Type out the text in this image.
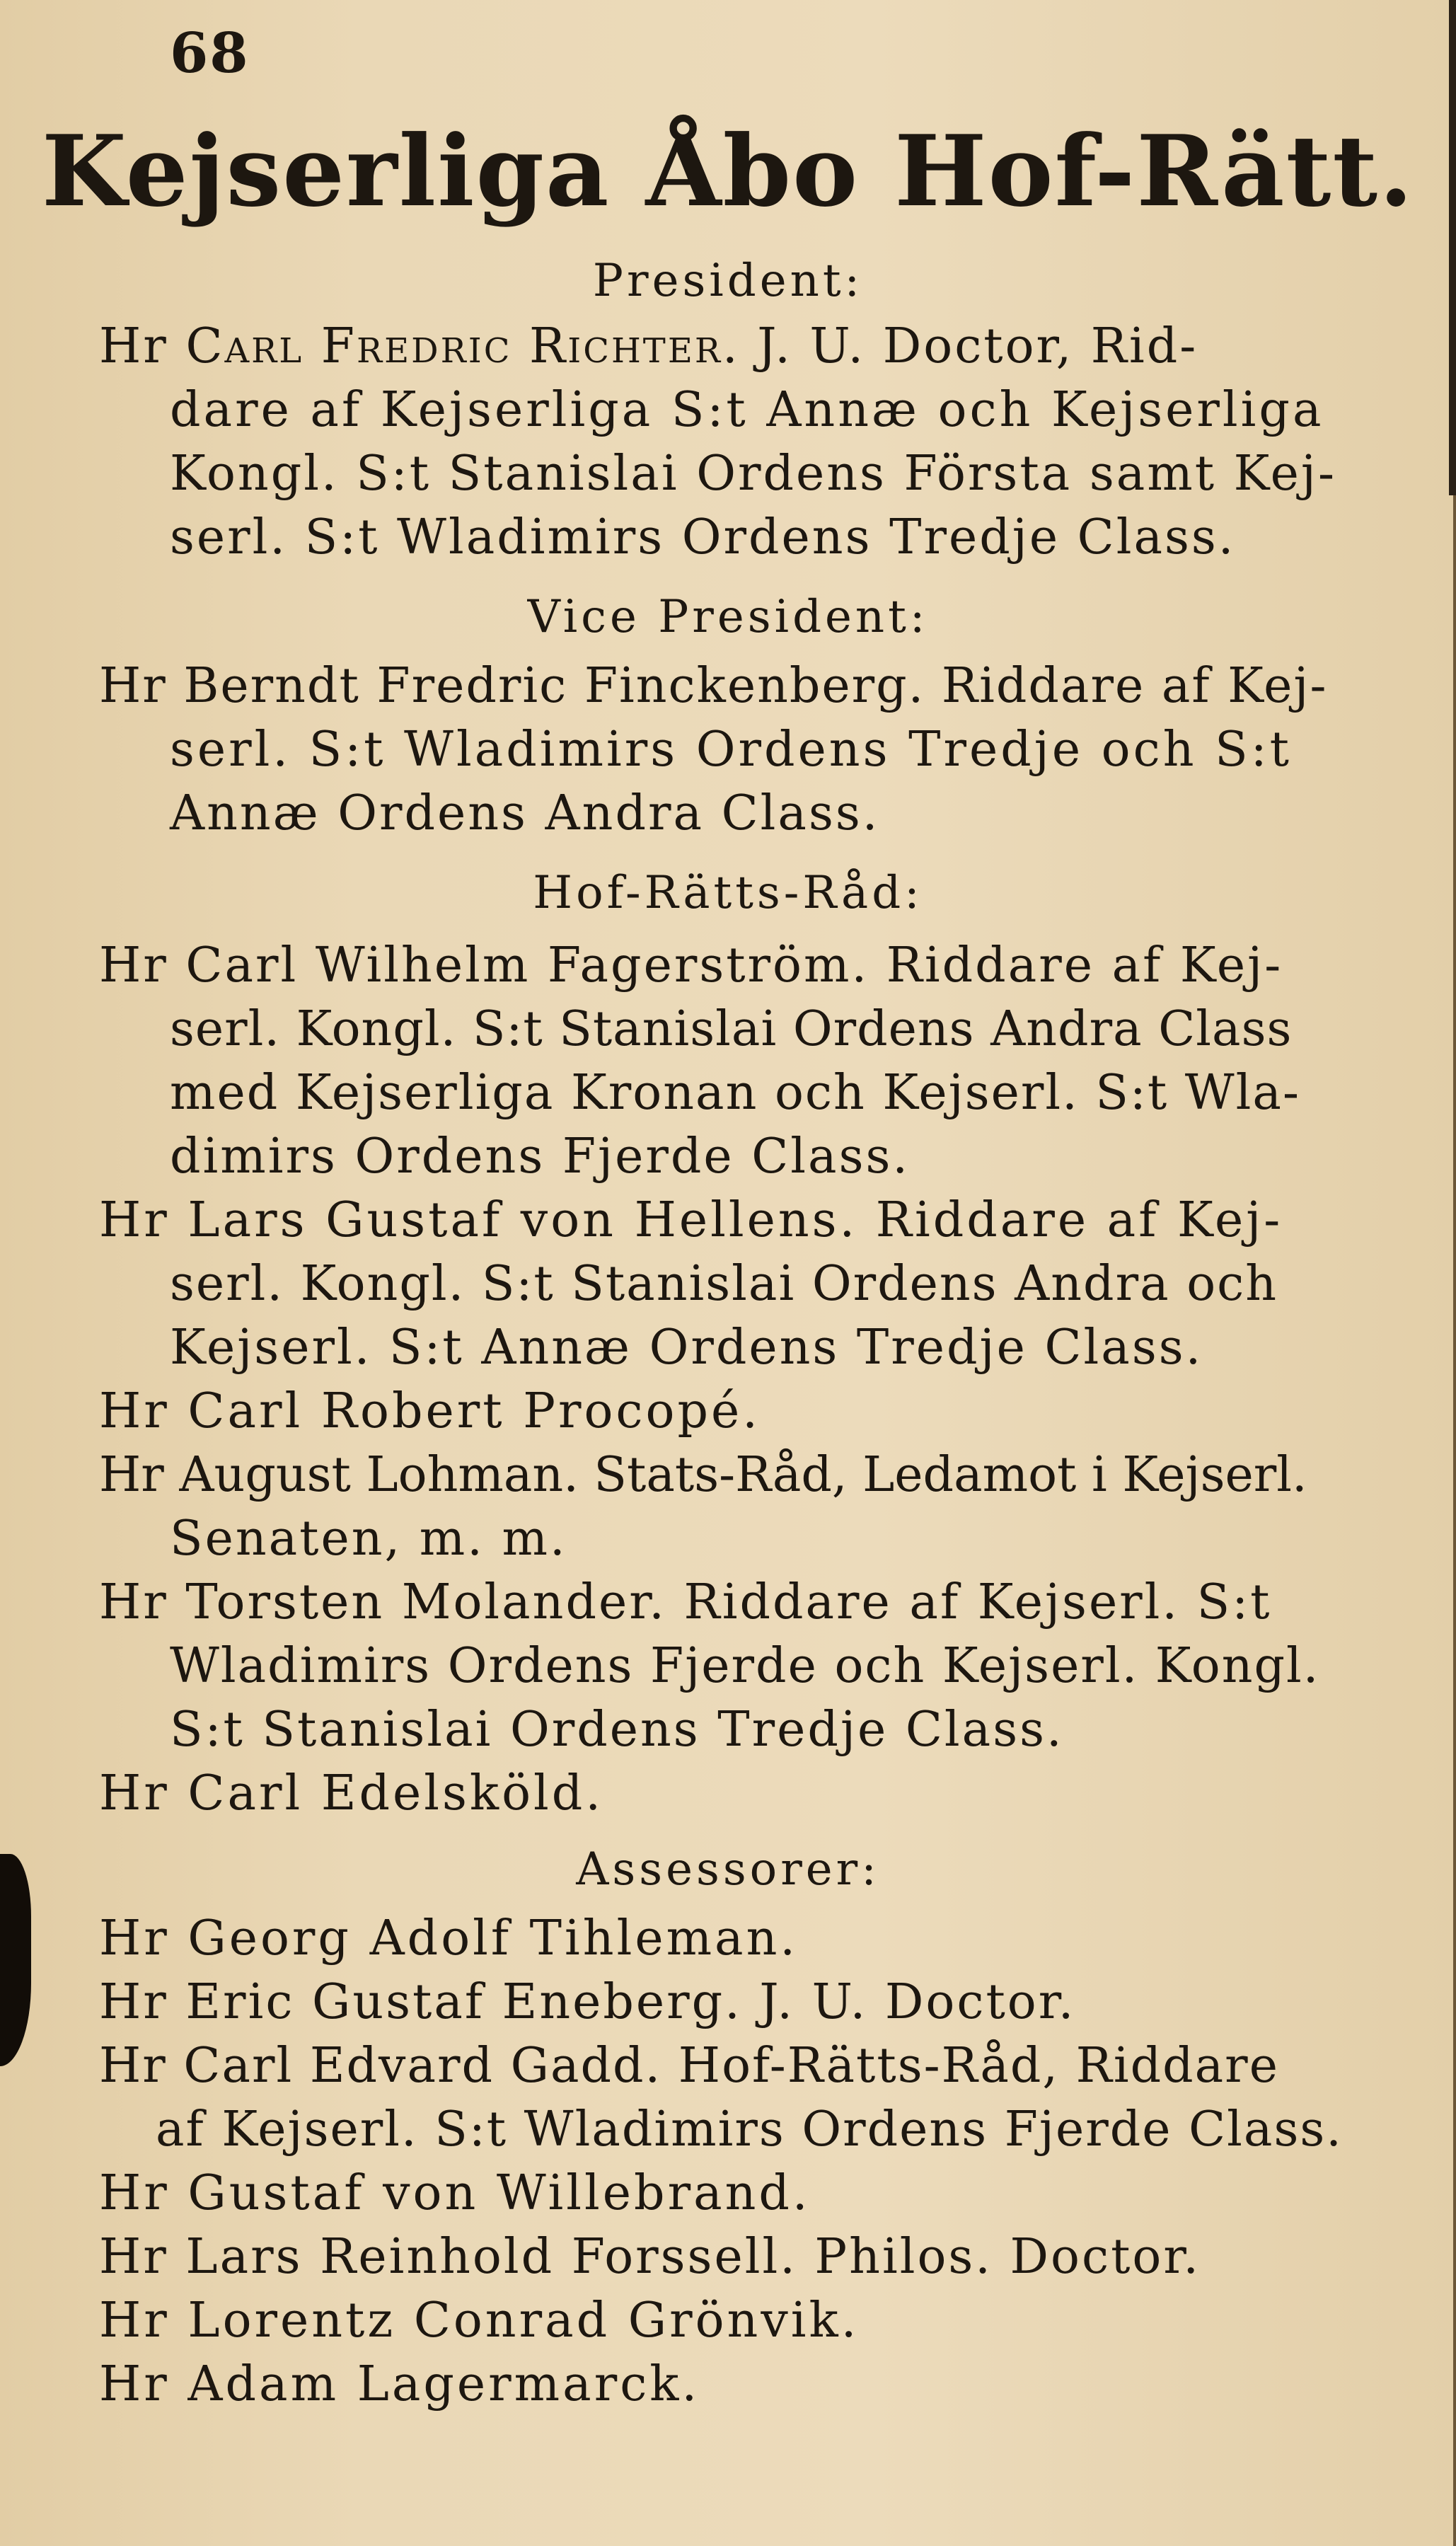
68
Kejserliga Åbo Hof-Rätt.
President:
Hr Carl Fredric Richter. J. U. Doctor, Rid-
dare af Kejserliga S:t Annæ och Kejserliga
Kongl. S:t Stanislai Ordens Första samt Kej-
serl. S:t Wladimirs Ordens Tredje Class.
Vice President:
Hr Berndt Fredric Finckenberg. Riddare af Kej-
serl. S:t Wladimirs Ordens Tredje och S:t
Annæ Ordens Andra Class.
Hof-Rätts-Råd:
Hr Carl Wilhelm Fagerström. Riddare af Kej-
serl. Kongl. S:t Stanislai Ordens Andra Class
med Kejserliga Kronan och Kejserl. S:t Wla-
dimirs Ordens Fjerde Class.
Hr Lars Gustaf von Hellens. Riddare af Kej-
serl. Kongl. S:t Stanislai Ordens Andra och
Kejserl. S:t Annæ Ordens Tredje Class.
Hr Carl Robert Procopé.
Hr August Lohman. Stats-Råd, Ledamot i Kejserl.
Senaten, m. m.
Hr Torsten Molander. Riddare af Kejserl. S:t
Wladimirs Ordens Fjerde och Kejserl. Kongl.
S:t Stanislai Ordens Tredje Class.
Hr Carl Edelsköld.
Assessorer:
Hr Georg Adolf Tihleman.
Hr Eric Gustaf Eneberg. J. U. Doctor.
Hr Carl Edvard Gadd. Hof-Rätts-Råd, Riddare
af Kejserl. S:t Wladimirs Ordens Fjerde Class.
Hr Gustaf von Willebrand.
Hr Lars Reinhold Forssell. Philos. Doctor.
Hr Lorentz Conrad Grönvik.
Hr Adam Lagermarck.
